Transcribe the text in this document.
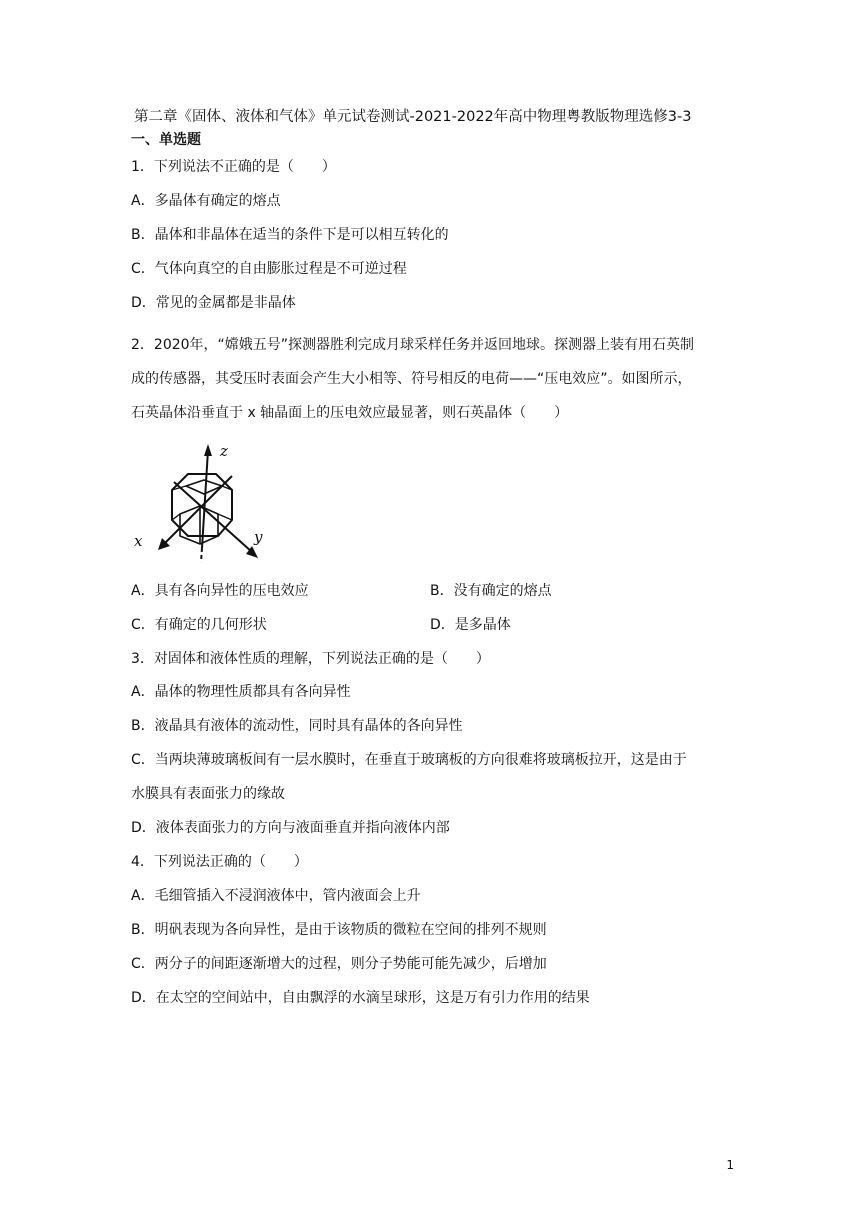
第二章《固体、液体和气体》单元试卷测试-2021-2022年高中物理粤教版物理选修3-3
一、单选题
1．下列说法不正确的是（　　）
A．多晶体有确定的熔点
B．晶体和非晶体在适当的条件下是可以相互转化的
C．气体向真空的自由膨胀过程是不可逆过程
D．常见的金属都是非晶体
2．2020年，“嫦娥五号”探测器胜利完成月球采样任务并返回地球。探测器上装有用石英制
成的传感器，其受压时表面会产生大小相等、符号相反的电荷——“压电效应”。如图所示，
石英晶体沿垂直于 x 轴晶面上的压电效应最显著，则石英晶体（　　）
z
x	y
A．具有各向异性的压电效应	B．没有确定的熔点
C．有确定的几何形状	D．是多晶体
3．对固体和液体性质的理解，下列说法正确的是（　　）
A．晶体的物理性质都具有各向异性
B．液晶具有液体的流动性，同时具有晶体的各向异性
C．当两块薄玻璃板间有一层水膜时，在垂直于玻璃板的方向很难将玻璃板拉开，这是由于
水膜具有表面张力的缘故
D．液体表面张力的方向与液面垂直并指向液体内部
4．下列说法正确的（　　）
A．毛细管插入不浸润液体中，管内液面会上升
B．明矾表现为各向异性，是由于该物质的微粒在空间的排列不规则
C．两分子的间距逐渐增大的过程，则分子势能可能先减少，后增加
D．在太空的空间站中，自由飘浮的水滴呈球形，这是万有引力作用的结果
1
